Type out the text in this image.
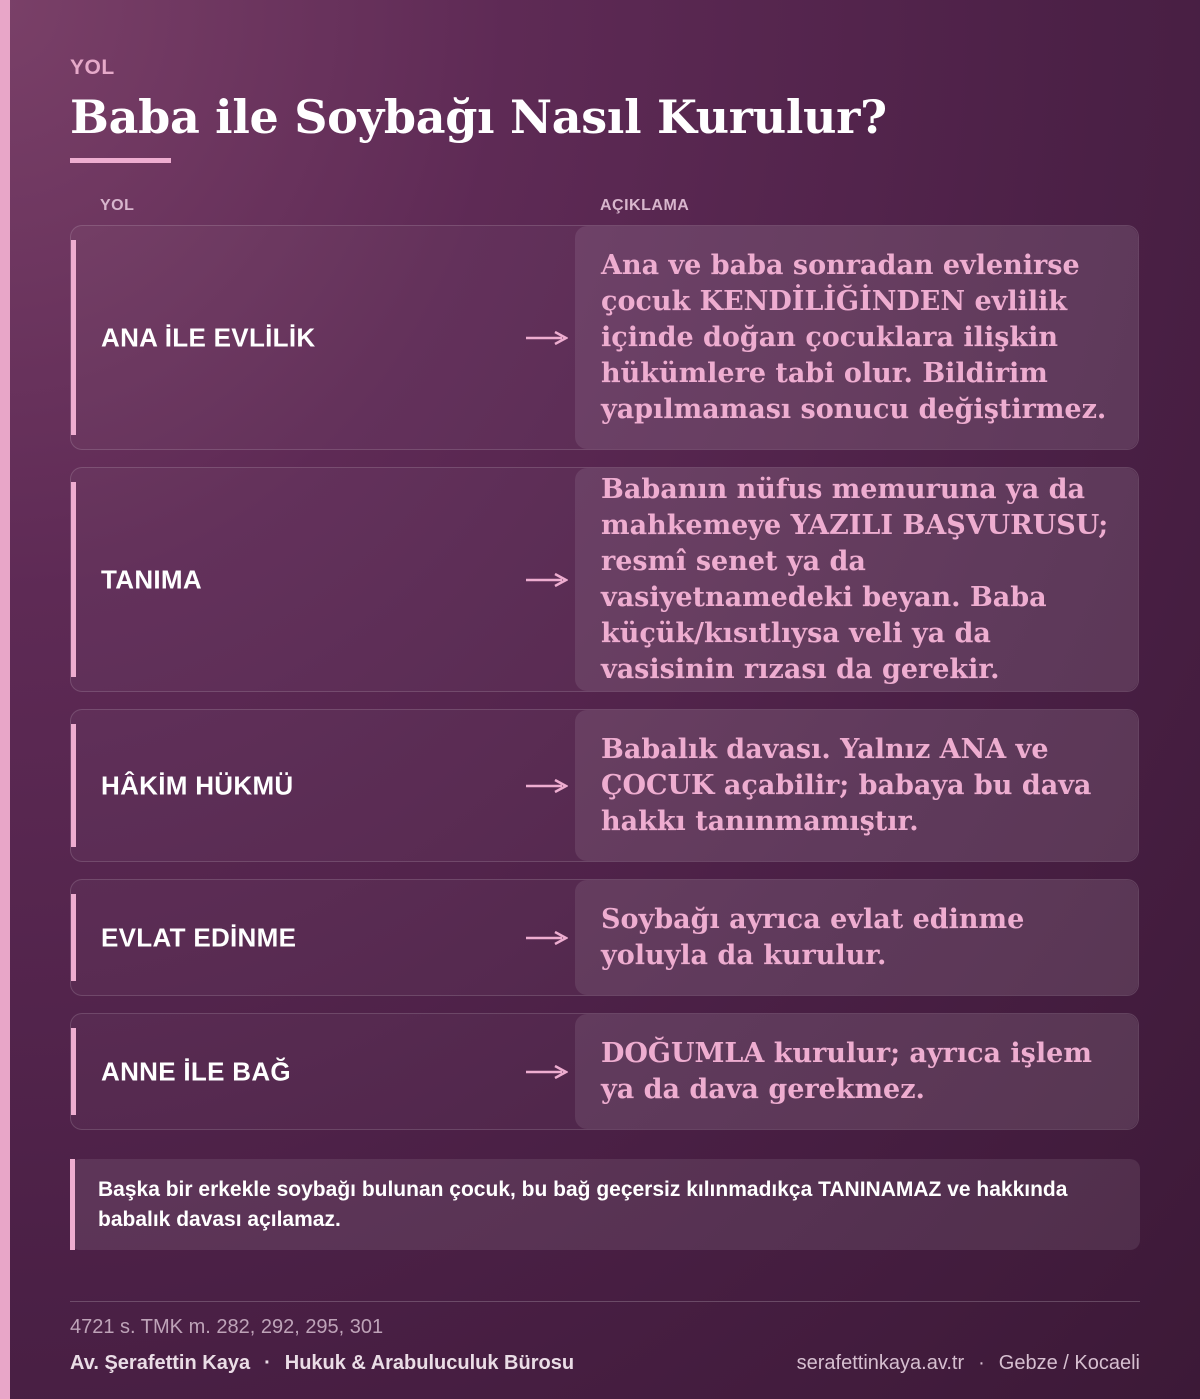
YOL
Baba ile Soybağı Nasıl Kurulur?
YOL	AÇIKLAMA
ANA İLE EVLİLİK
Ana ve baba sonradan evlenirse çocuk KENDİLİĞİNDEN evlilik içinde doğan çocuklara ilişkin hükümlere tabi olur. Bildirim yapılmaması sonucu değiştirmez.
TANIMA
Babanın nüfus memuruna ya da mahkemeye YAZILI BAŞVURUSU; resmî senet ya da vasiyetnamedeki beyan. Baba küçük/kısıtlıysa veli ya da vasisinin rızası da gerekir.
HÂKİM HÜKMÜ
Babalık davası. Yalnız ANA ve ÇOCUK açabilir; babaya bu dava hakkı tanınmamıştır.
EVLAT EDİNME
Soybağı ayrıca evlat edinme yoluyla da kurulur.
ANNE İLE BAĞ
DOĞUMLA kurulur; ayrıca işlem ya da dava gerekmez.
Başka bir erkekle soybağı bulunan çocuk, bu bağ geçersiz kılınmadıkça TANINAMAZ ve hakkında babalık davası açılamaz.
4721 s. TMK m. 282, 292, 295, 301
Av. Şerafettin Kaya · Hukuk & Arabuluculuk Bürosu	serafettinkaya.av.tr · Gebze / Kocaeli
